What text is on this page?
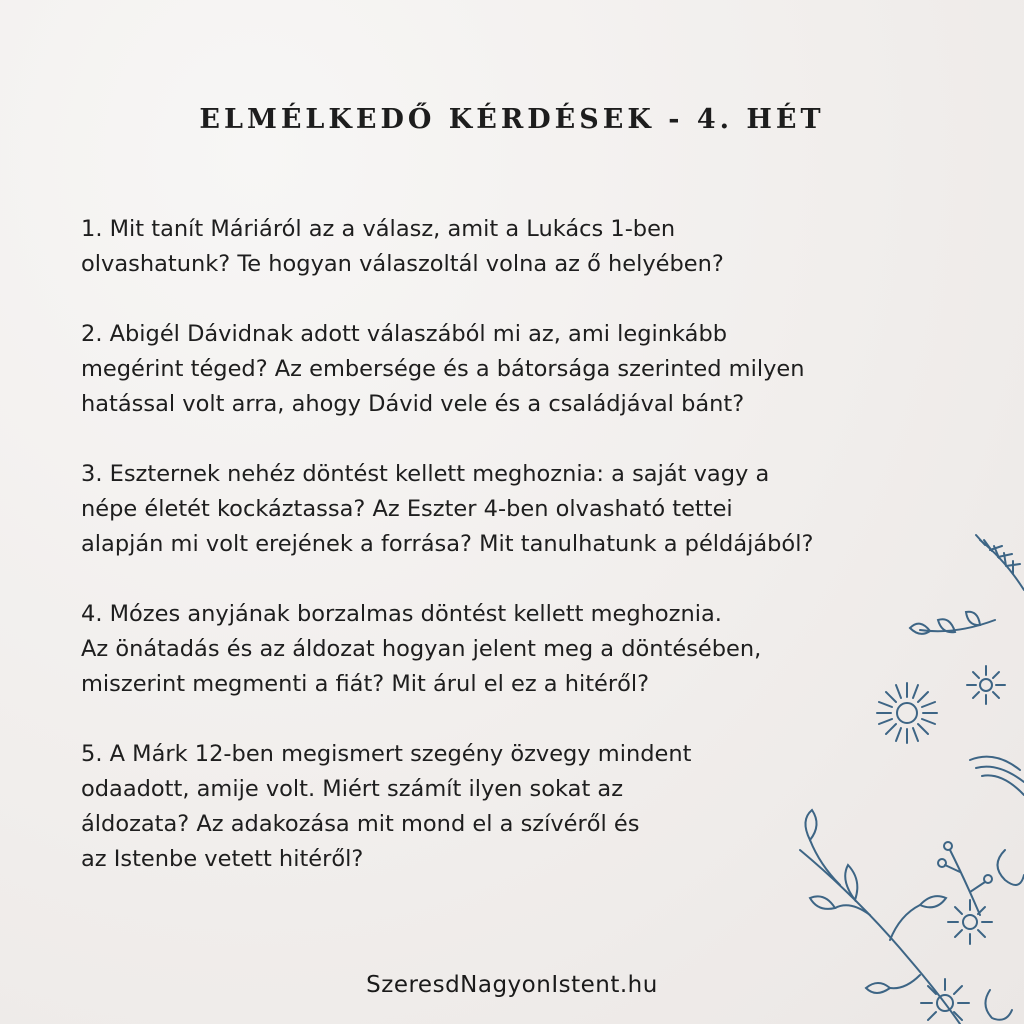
ELMÉLKEDŐ KÉRDÉSEK - 4. HÉT
1. Mit tanít Máriáról az a válasz, amit a Lukács 1-ben
olvashatunk? Te hogyan válaszoltál volna az ő helyében?
2. Abigél Dávidnak adott válaszából mi az, ami leginkább
megérint téged? Az embersége és a bátorsága szerinted milyen
hatással volt arra, ahogy Dávid vele és a családjával bánt?
3. Eszternek nehéz döntést kellett meghoznia: a saját vagy a
népe életét kockáztassa? Az Eszter 4-ben olvasható tettei
alapján mi volt erejének a forrása? Mit tanulhatunk a példájából?
4. Mózes anyjának borzalmas döntést kellett meghoznia.
Az önátadás és az áldozat hogyan jelent meg a döntésében,
miszerint megmenti a fiát? Mit árul el ez a hitéről?
5. A Márk 12-ben megismert szegény özvegy mindent
odaadott, amije volt. Miért számít ilyen sokat az
áldozata? Az adakozása mit mond el a szívéről és
az Istenbe vetett hitéről?
SzeresdNagyonIstent.hu
